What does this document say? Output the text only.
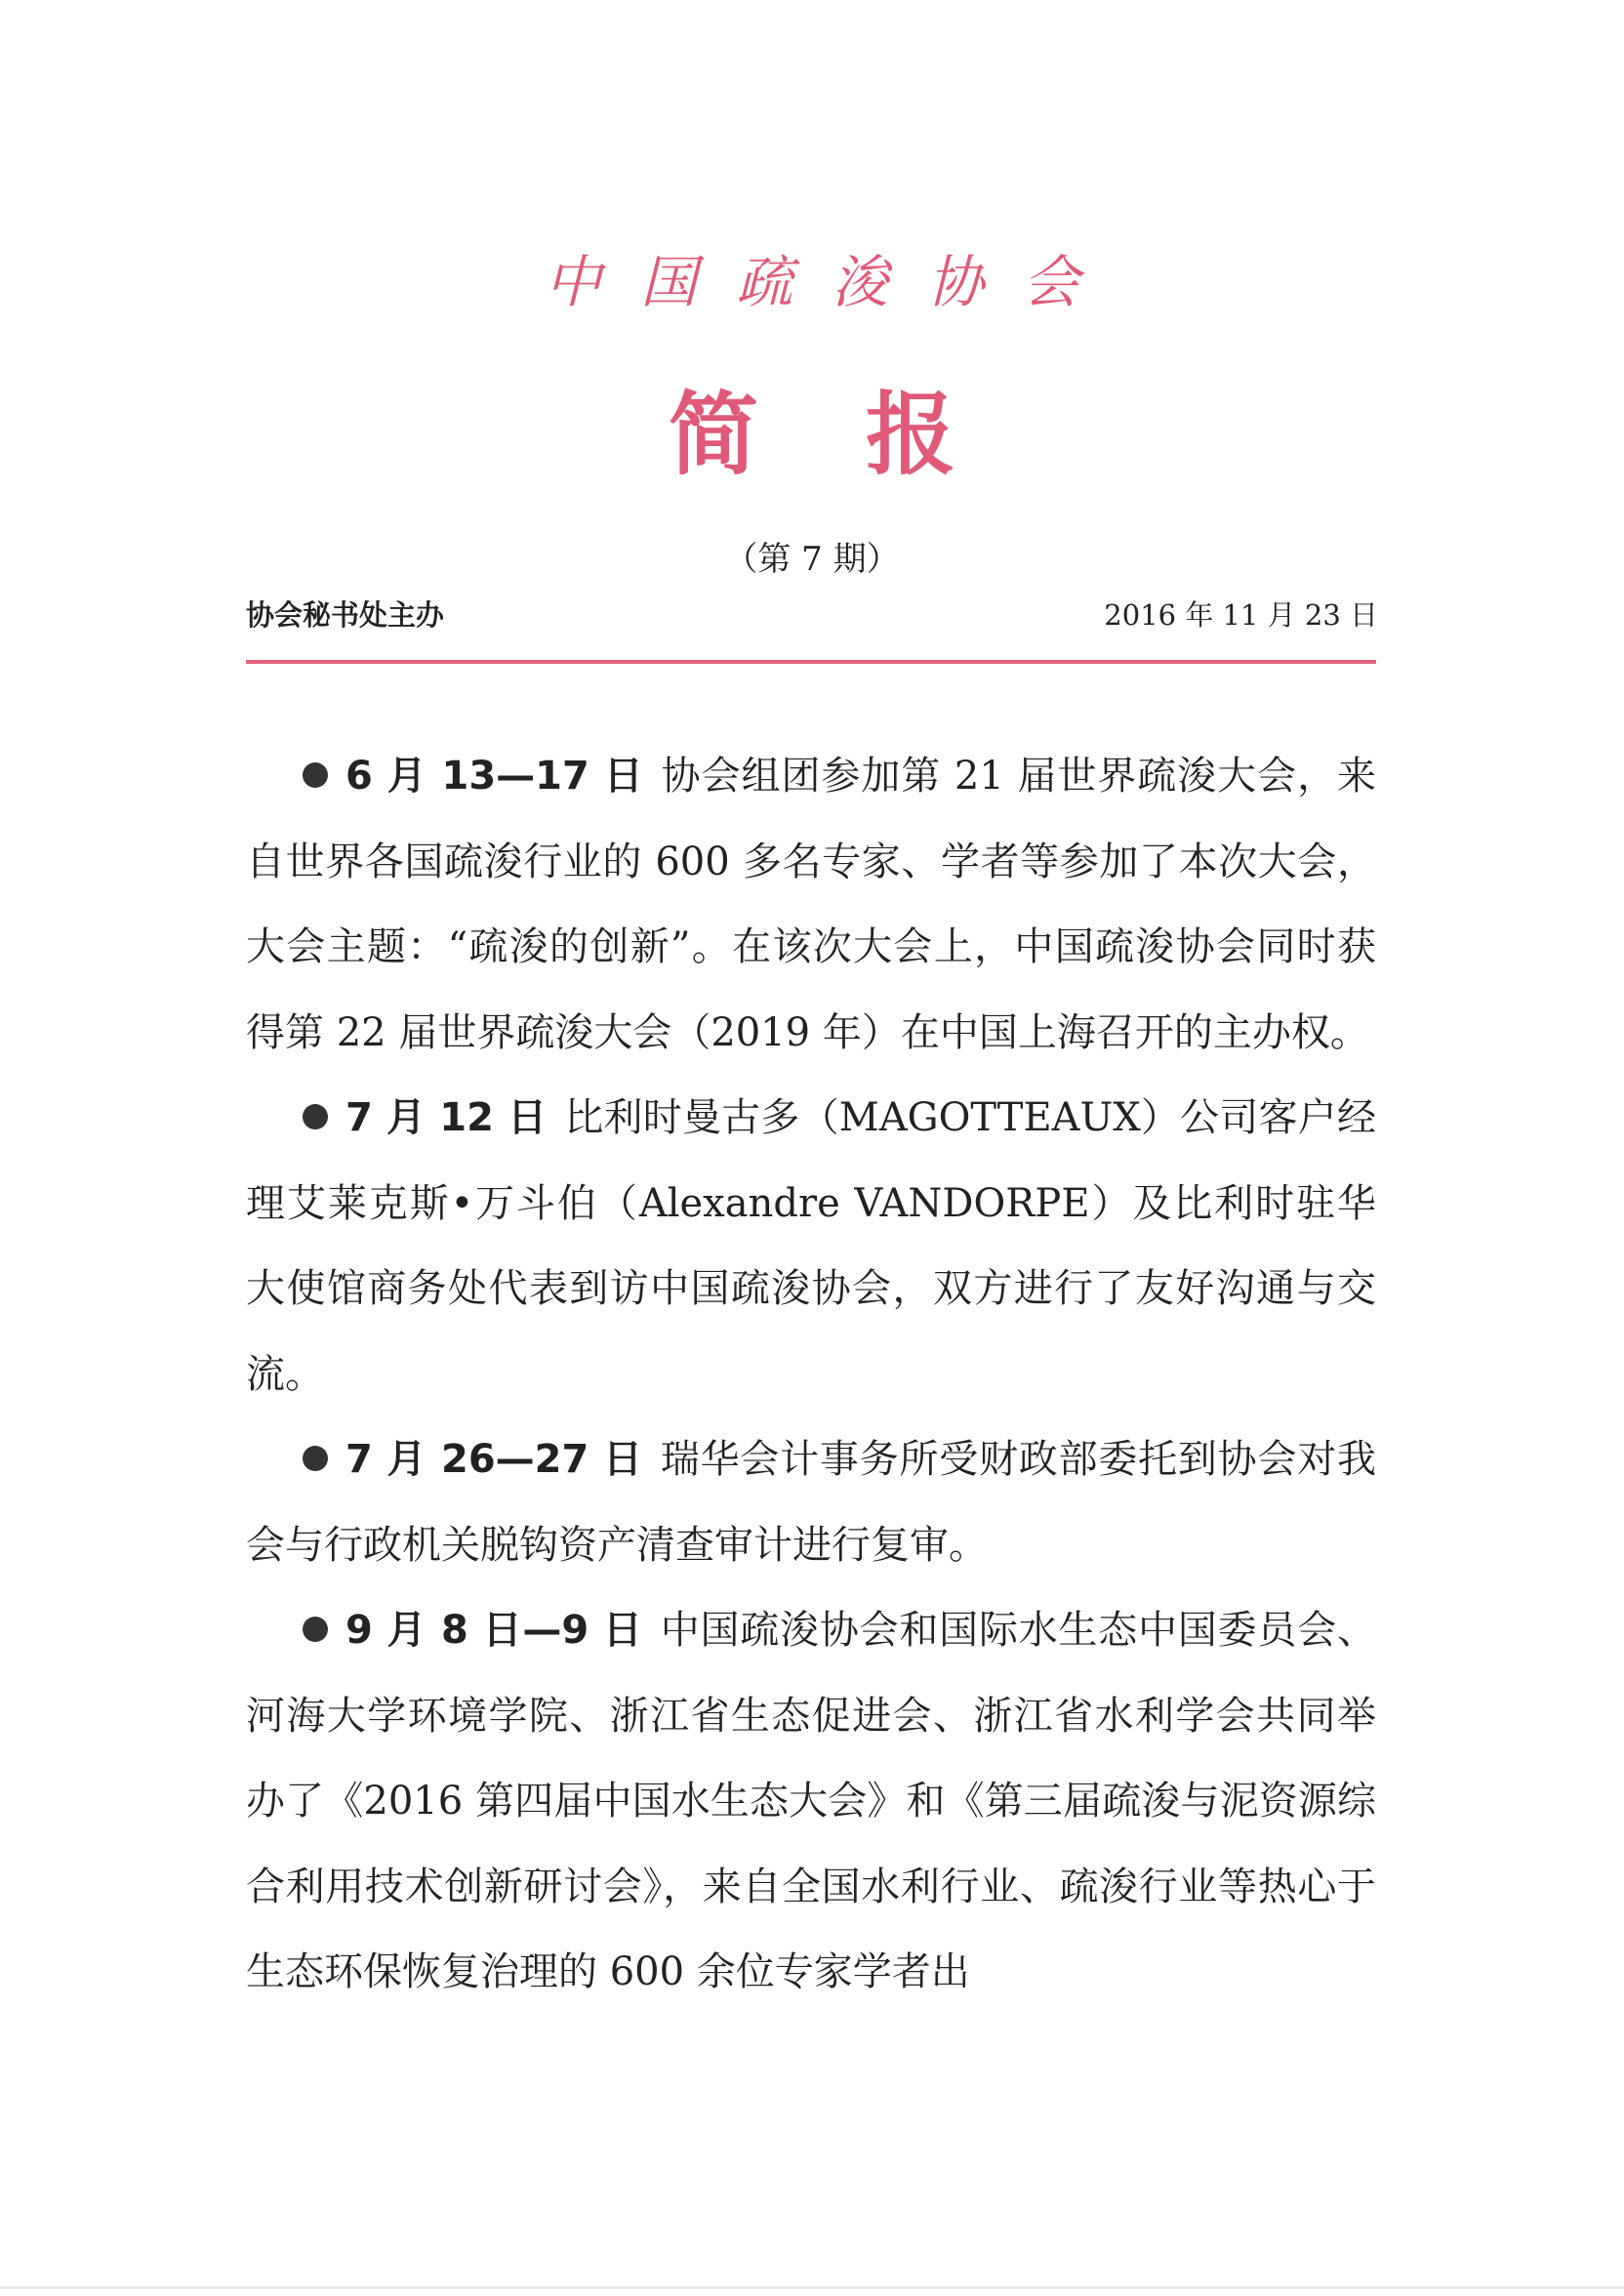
中国疏浚协会
简报
（第 7 期）
协会秘书处主办	2016 年 11 月 23 日

6 月 13—17 日 协会组团参加第 21 届世界疏浚大会，来自世界各国疏浚行业的 600 多名专家、学者等参加了本次大会，大会主题：“疏浚的创新”。在该次大会上，中国疏浚协会同时获得第 22 届世界疏浚大会（2019 年）在中国上海召开的主办权。

7 月 12 日 比利时曼古多（MAGOTTEAUX）公司客户经理艾莱克斯•万斗伯（Alexandre VANDORPE）及比利时驻华大使馆商务处代表到访中国疏浚协会，双方进行了友好沟通与交流。

7 月 26—27 日 瑞华会计事务所受财政部委托到协会对我会与行政机关脱钩资产清查审计进行复审。

9 月 8 日—9 日 中国疏浚协会和国际水生态中国委员会、河海大学环境学院、浙江省生态促进会、浙江省水利学会共同举办了《2016 第四届中国水生态大会》和《第三届疏浚与泥资源综合利用技术创新研讨会》，来自全国水利行业、疏浚行业等热心于生态环保恢复治理的 600 余位专家学者出
